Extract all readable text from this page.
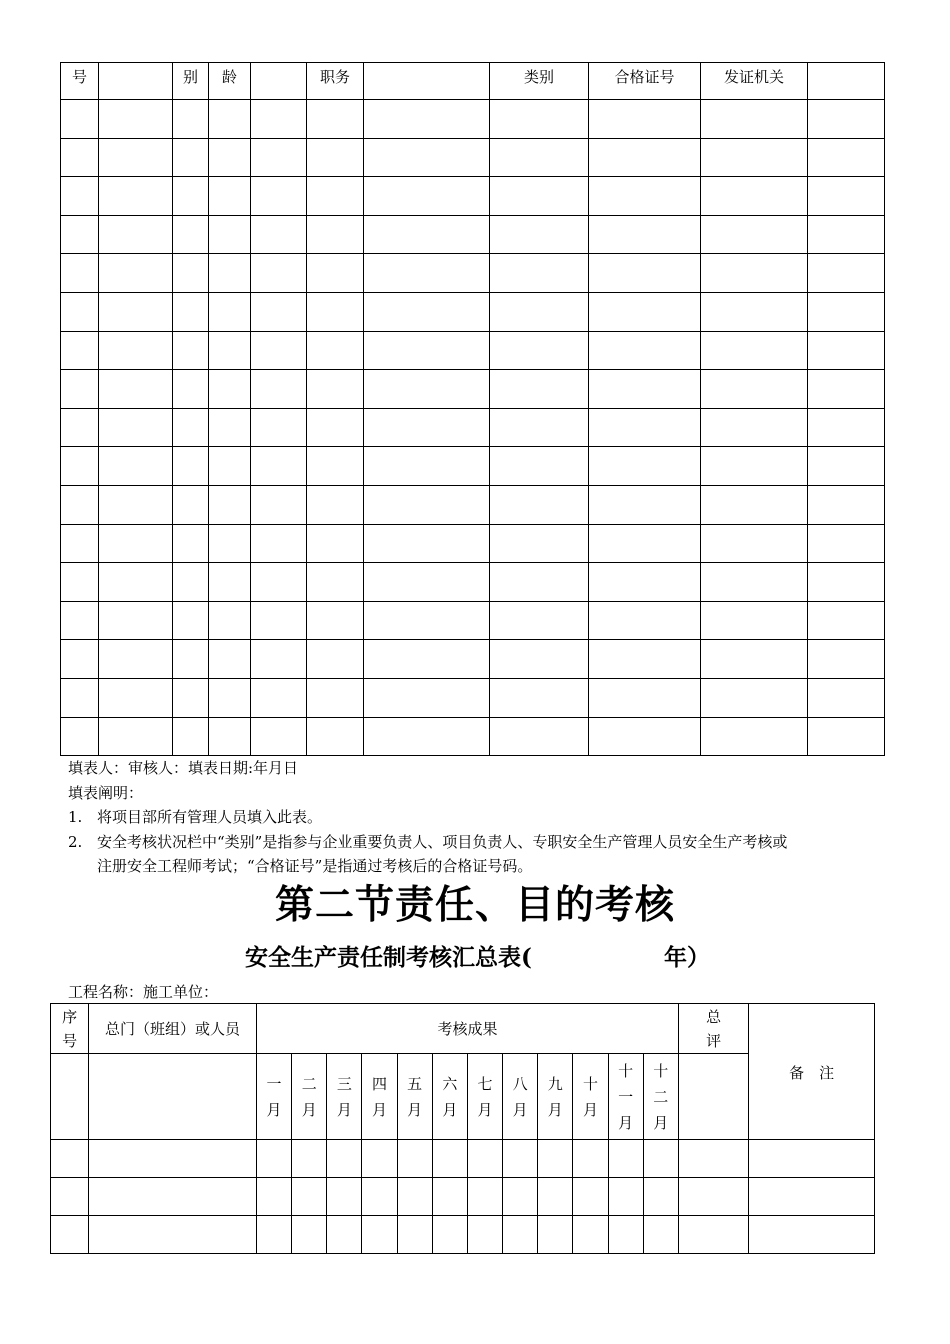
号		别	龄		职务		类别	合格证号	发证机关	

填表人：审核人：填表日期:年月日
填表阐明：
1. 将项目部所有管理人员填入此表。
2. 安全考核状况栏中“类别”是指参与企业重要负责人、项目负责人、专职安全生产管理人员安全生产考核或
注册安全工程师考试；“合格证号”是指通过考核后的合格证号码。
第二节责任、目的考核
安全生产责任制考核汇总表(	年）
工程名称：施工单位：
序号	总门（班组）或人员	考核成果												总评	备　注

		一月	二月	三月	四月	五月	六月	七月	八月	九月	十月	十一月	十二月		
